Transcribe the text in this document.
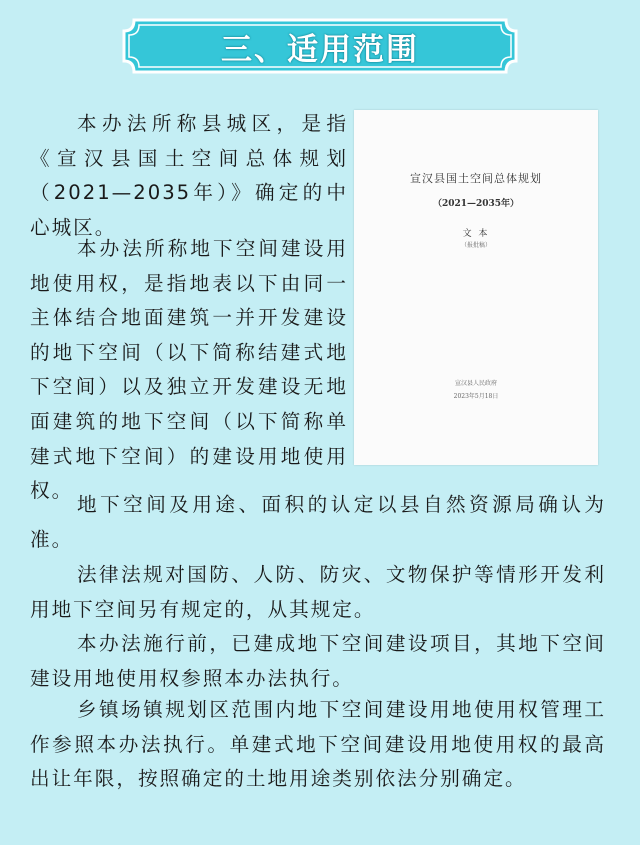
三、适用范围

本办法所称县城区，是指《宣汉县国土空间总体规划（2021—2035年）》确定的中心城区。

本办法所称地下空间建设用地使用权，是指地表以下由同一主体结合地面建筑一并开发建设的地下空间（以下简称结建式地下空间）以及独立开发建设无地面建筑的地下空间（以下简称单建式地下空间）的建设用地使用权。

地下空间及用途、面积的认定以县自然资源局确认为准。

法律法规对国防、人防、防灾、文物保护等情形开发利用地下空间另有规定的，从其规定。

本办法施行前，已建成地下空间建设项目，其地下空间建设用地使用权参照本办法执行。

乡镇场镇规划区范围内地下空间建设用地使用权管理工作参照本办法执行。单建式地下空间建设用地使用权的最高出让年限，按照确定的土地用途类别依法分别确定。

宣汉县国土空间总体规划
（2021—2035年）
文 本
（报批稿）
宣汉县人民政府
2023年5月18日
